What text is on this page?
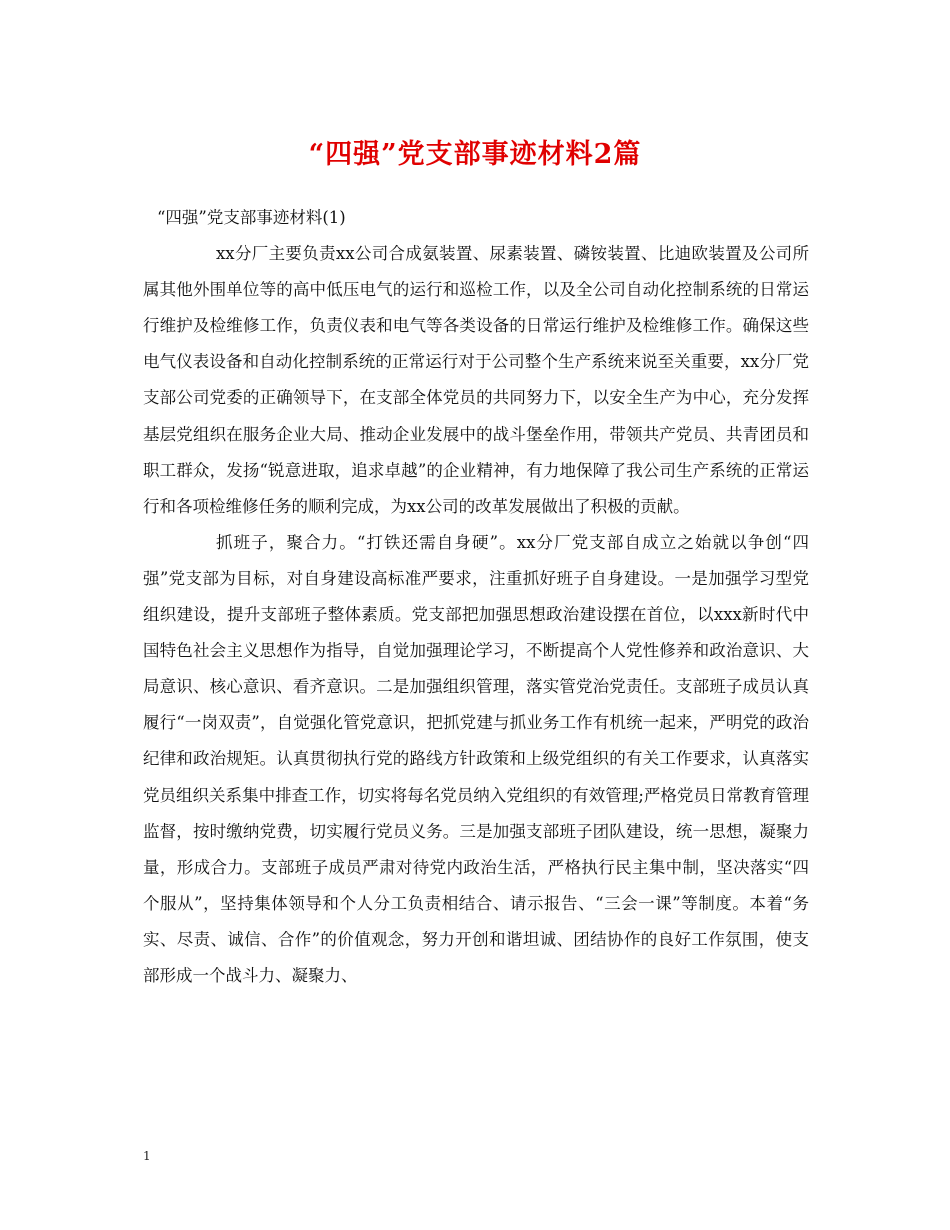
“四强”党支部事迹材料2篇

“四强”党支部事迹材料(1)

xx分厂主要负责xx公司合成氨装置、尿素装置、磷铵装置、比迪欧装置及公司所属其他外围单位等的高中低压电气的运行和巡检工作，以及全公司自动化控制系统的日常运行维护及检维修工作，负责仪表和电气等各类设备的日常运行维护及检维修工作。确保这些电气仪表设备和自动化控制系统的正常运行对于公司整个生产系统来说至关重要，xx分厂党支部公司党委的正确领导下，在支部全体党员的共同努力下，以安全生产为中心，充分发挥基层党组织在服务企业大局、推动企业发展中的战斗堡垒作用，带领共产党员、共青团员和职工群众，发扬“锐意进取，追求卓越”的企业精神，有力地保障了我公司生产系统的正常运行和各项检维修任务的顺利完成，为xx公司的改革发展做出了积极的贡献。

抓班子，聚合力。“打铁还需自身硬”。xx分厂党支部自成立之始就以争创“四强”党支部为目标，对自身建设高标准严要求，注重抓好班子自身建设。一是加强学习型党组织建设，提升支部班子整体素质。党支部把加强思想政治建设摆在首位，以xxx新时代中国特色社会主义思想作为指导，自觉加强理论学习，不断提高个人党性修养和政治意识、大局意识、核心意识、看齐意识。二是加强组织管理，落实管党治党责任。支部班子成员认真履行“一岗双责”，自觉强化管党意识，把抓党建与抓业务工作有机统一起来，严明党的政治纪律和政治规矩。认真贯彻执行党的路线方针政策和上级党组织的有关工作要求，认真落实党员组织关系集中排查工作，切实将每名党员纳入党组织的有效管理;严格党员日常教育管理监督，按时缴纳党费，切实履行党员义务。三是加强支部班子团队建设，统一思想，凝聚力量，形成合力。支部班子成员严肃对待党内政治生活，严格执行民主集中制，坚决落实“四个服从”，坚持集体领导和个人分工负责相结合、请示报告、“三会一课”等制度。本着“务实、尽责、诚信、合作”的价值观念，努力开创和谐坦诚、团结协作的良好工作氛围，使支部形成一个战斗力、凝聚力、

1
